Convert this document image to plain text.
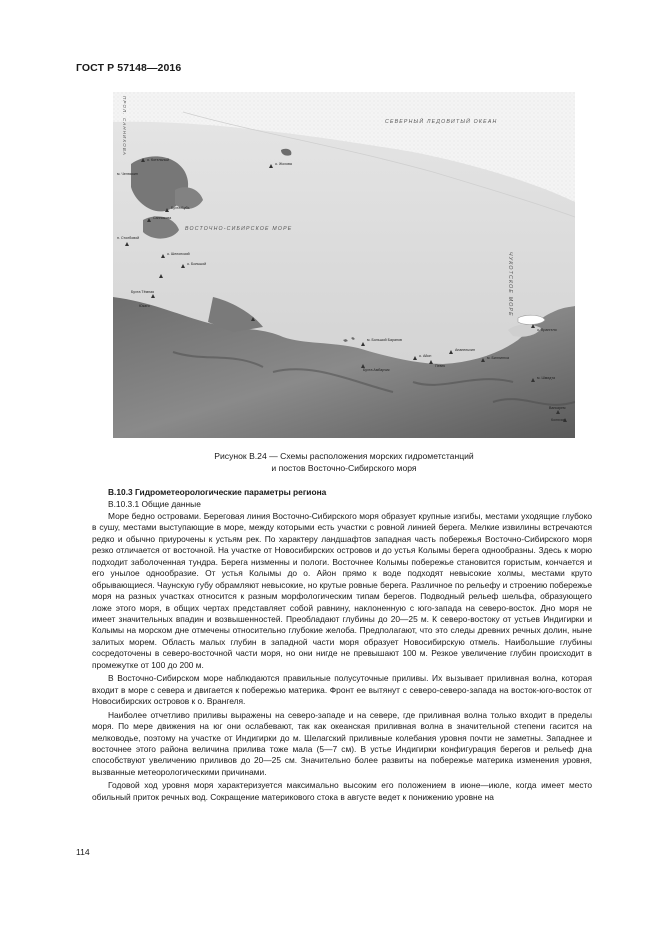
ГОСТ Р 57148—2016
СЕВЕРНЫЙ ЛЕДОВИТЫЙ ОКЕАН
ВОСТОЧНО-СИБИРСКОЕ МОРЕ
ЧУКОТСКОЕ МОРЕ
ПРОЛ. САННИКОВА
о. Котельный
Бухта Бубь
о. Жохова
Санникова
п. Столбовой
о. Шелонский
о. Большой
Бухта Тёмная
Юкаги
м. Большой Баранов
Бухта Амбарчик
о. Айон
Певек
Апапельхин
м. Биллингса
м. Шмидта
Ванкарем
Колючин
о. Врангеля
м. Челюскин
Рисунок В.24 — Схемы расположения морских гидрометстанций
и постов Восточно-Сибирского моря
В.10.3 Гидрометеорологические параметры региона
В.10.3.1 Общие данные

Море бедно островами. Береговая линия Восточно-Сибирского моря образует крупные изгибы, местами уходящие глубоко в сушу, местами выступающие в море, между которыми есть участки с ровной линией берега. Мелкие извилины встречаются редко и обычно приурочены к устьям рек. По характеру ландшафтов западная часть побережья Восточно-Сибирского моря резко отличается от восточной. На участке от Новосибирских островов и до устья Колымы берега однообразны. Здесь к морю подходит заболоченная тундра. Берега низменны и пологи. Восточнее Колымы побережье становится гористым, кончается и его унылое однообразие. От устья Колымы до о. Айон прямо к воде подходят невысокие холмы, местами круто обрывающиеся. Чаунскую губу обрамляют невысокие, но крутые ровные берега. Различное по рельефу и строению побережье моря на разных участках относится к разным морфологическим типам берегов. Подводный рельеф шельфа, образующего ложе этого моря, в общих чертах представляет собой равнину, наклоненную с юго-запада на северо-восток. Дно моря не имеет значительных впадин и возвышенностей. Преобладают глубины до 20—25 м. К северо-востоку от устьев Индигирки и Колымы на морском дне отмечены относительно глубокие желоба. Предполагают, что это следы древних речных долин, ныне залитых морем. Область малых глубин в западной части моря образует Новосибирскую отмель. Наибольшие глубины сосредоточены в северо-восточной части моря, но они нигде не превышают 100 м. Резкое увеличение глубин происходит в промежутке от 100 до 200 м.

В Восточно-Сибирском море наблюдаются правильные полусуточные приливы. Их вызывает приливная волна, которая входит в море с севера и двигается к побережью материка. Фронт ее вытянут с северо-северо-запада на восток-юго-восток от Новосибирских островов к о. Врангеля.

Наиболее отчетливо приливы выражены на северо-западе и на севере, где приливная волна только входит в пределы моря. По мере движения на юг они ослабевают, так как океанская приливная волна в значительной степени гасится на мелководье, поэтому на участке от Индигирки до м. Шелагский приливные колебания уровня почти не заметны. Западнее и восточнее этого района величина прилива тоже мала (5—7 см). В устье Индигирки конфигурация берегов и рельеф дна способствуют увеличению приливов до 20—25 см. Значительно более развиты на побережье материка изменения уровня, вызванные метеорологическими причинами.

Годовой ход уровня моря характеризуется максимально высоким его положением в июне—июле, когда имеет место обильный приток речных вод. Сокращение материкового стока в августе ведет к понижению уровне на

114
